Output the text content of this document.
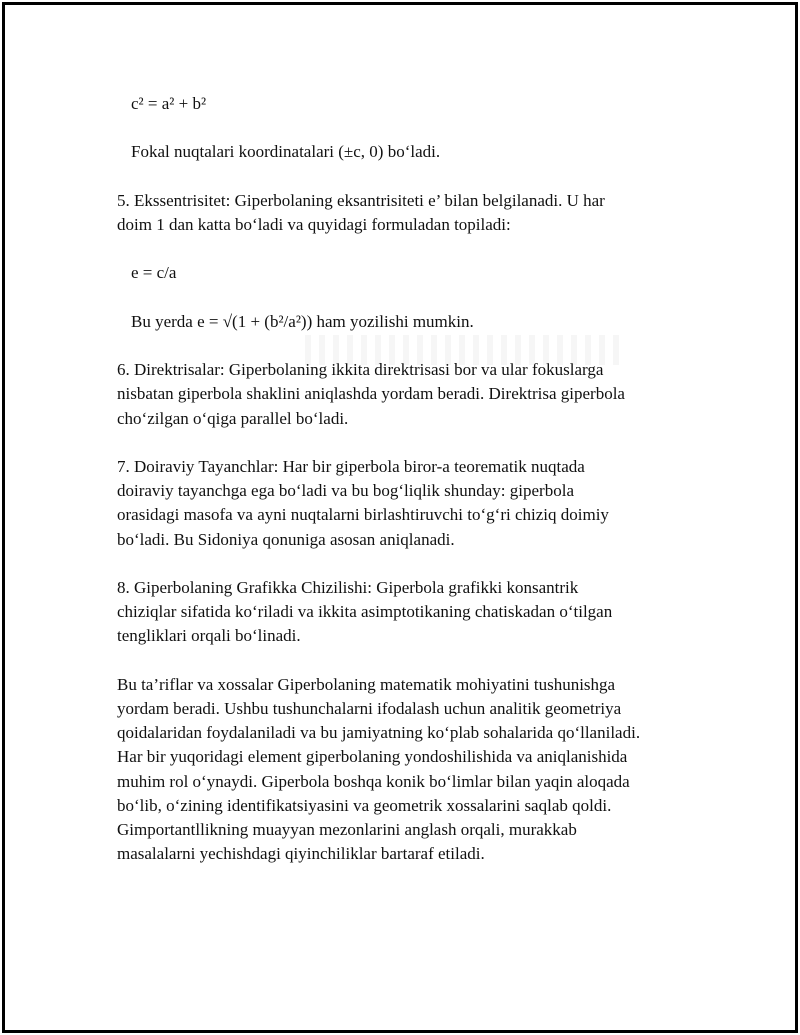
c² = a² + b²

Fokal nuqtalari koordinatalari (±c, 0) bo‘ladi.

5. Ekssentrisitet: Giperbolaning eksantrisiteti e’ bilan belgilanadi. U har
doim 1 dan katta bo‘ladi va quyidagi formuladan topiladi:

e = c/a

Bu yerda e = √(1 + (b²/a²)) ham yozilishi mumkin.

6. Direktrisalar: Giperbolaning ikkita direktrisasi bor va ular fokuslarga
nisbatan giperbola shaklini aniqlashda yordam beradi. Direktrisa giperbola
cho‘zilgan o‘qiga parallel bo‘ladi.

7. Doiraviy Tayanchlar: Har bir giperbola biror-a teorematik nuqtada
doiraviy tayanchga ega bo‘ladi va bu bog‘liqlik shunday: giperbola
orasidagi masofa va ayni nuqtalarni birlashtiruvchi to‘g‘ri chiziq doimiy
bo‘ladi. Bu Sidoniya qonuniga asosan aniqlanadi.

8. Giperbolaning Grafikka Chizilishi: Giperbola grafikki konsantrik
chiziqlar sifatida ko‘riladi va ikkita asimptotikaning chatiskadan o‘tilgan
tengliklari orqali bo‘linadi.

Bu ta’riflar va xossalar Giperbolaning matematik mohiyatini tushunishga
yordam beradi. Ushbu tushunchalarni ifodalash uchun analitik geometriya
qoidalaridan foydalaniladi va bu jamiyatning ko‘plab sohalarida qo‘llaniladi.
Har bir yuqoridagi element giperbolaning yondoshilishida va aniqlanishida
muhim rol o‘ynaydi. Giperbola boshqa konik bo‘limlar bilan yaqin aloqada
bo‘lib, o‘zining identifikatsiyasini va geometrik xossalarini saqlab qoldi.
Gimportantllikning muayyan mezonlarini anglash orqali, murakkab
masalalarni yechishdagi qiyinchiliklar bartaraf etiladi.
